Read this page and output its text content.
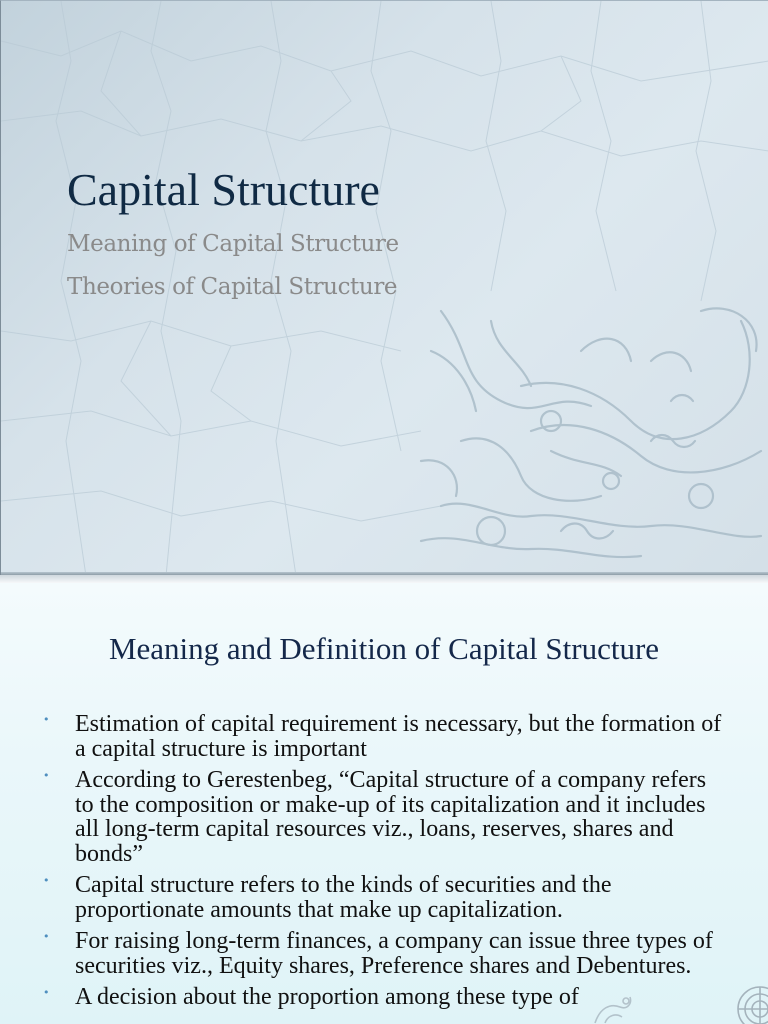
Capital Structure

Meaning of Capital Structure

Theories of Capital Structure

Meaning and Definition of Capital Structure
• Estimation of capital requirement is necessary, but the formation of a capital structure is important
• According to Gerestenbeg, “Capital structure of a company refers to the composition or make-up of its capitalization and it includes all long-term capital resources viz., loans, reserves, shares and bonds”
• Capital structure refers to the kinds of securities and the proportionate amounts that make up capitalization.
• For raising long-term finances, a company can issue three types of securities viz., Equity shares, Preference shares and Debentures.
• A decision about the proportion among these type of
